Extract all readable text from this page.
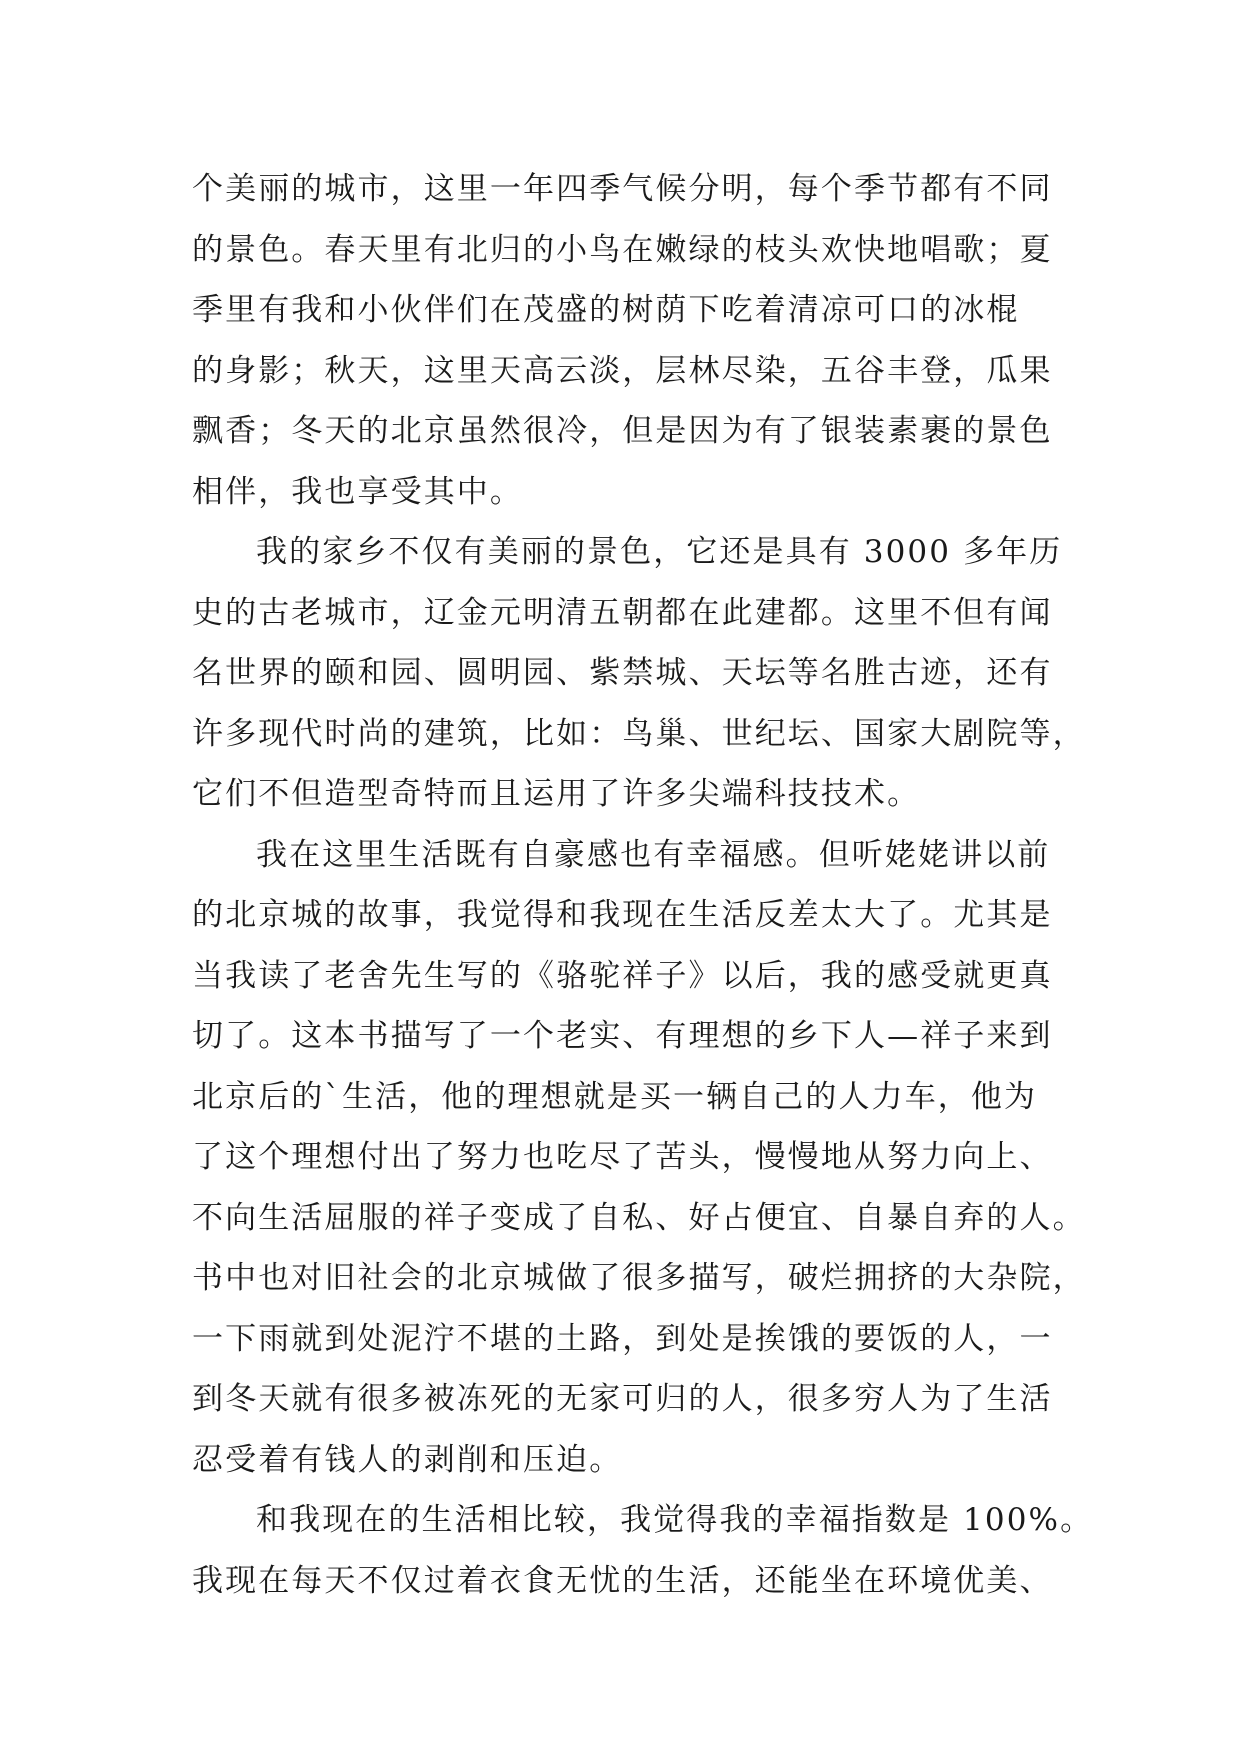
个美丽的城市，这里一年四季气候分明，每个季节都有不同
的景色。春天里有北归的小鸟在嫩绿的枝头欢快地唱歌；夏
季里有我和小伙伴们在茂盛的树荫下吃着清凉可口的冰棍
的身影；秋天，这里天高云淡，层林尽染，五谷丰登，瓜果
飘香；冬天的北京虽然很冷，但是因为有了银装素裹的景色
相伴，我也享受其中。
我的家乡不仅有美丽的景色，它还是具有 3000 多年历
史的古老城市，辽金元明清五朝都在此建都。这里不但有闻
名世界的颐和园、圆明园、紫禁城、天坛等名胜古迹，还有
许多现代时尚的建筑，比如：鸟巢、世纪坛、国家大剧院等，
它们不但造型奇特而且运用了许多尖端科技技术。
我在这里生活既有自豪感也有幸福感。但听姥姥讲以前
的北京城的故事，我觉得和我现在生活反差太大了。尤其是
当我读了老舍先生写的《骆驼祥子》以后，我的感受就更真
切了。这本书描写了一个老实、有理想的乡下人—祥子来到
北京后的`生活，他的理想就是买一辆自己的人力车，他为
了这个理想付出了努力也吃尽了苦头，慢慢地从努力向上、
不向生活屈服的祥子变成了自私、好占便宜、自暴自弃的人。
书中也对旧社会的北京城做了很多描写，破烂拥挤的大杂院，
一下雨就到处泥泞不堪的土路，到处是挨饿的要饭的人，一
到冬天就有很多被冻死的无家可归的人，很多穷人为了生活
忍受着有钱人的剥削和压迫。
和我现在的生活相比较，我觉得我的幸福指数是 100%。
我现在每天不仅过着衣食无忧的生活，还能坐在环境优美、
